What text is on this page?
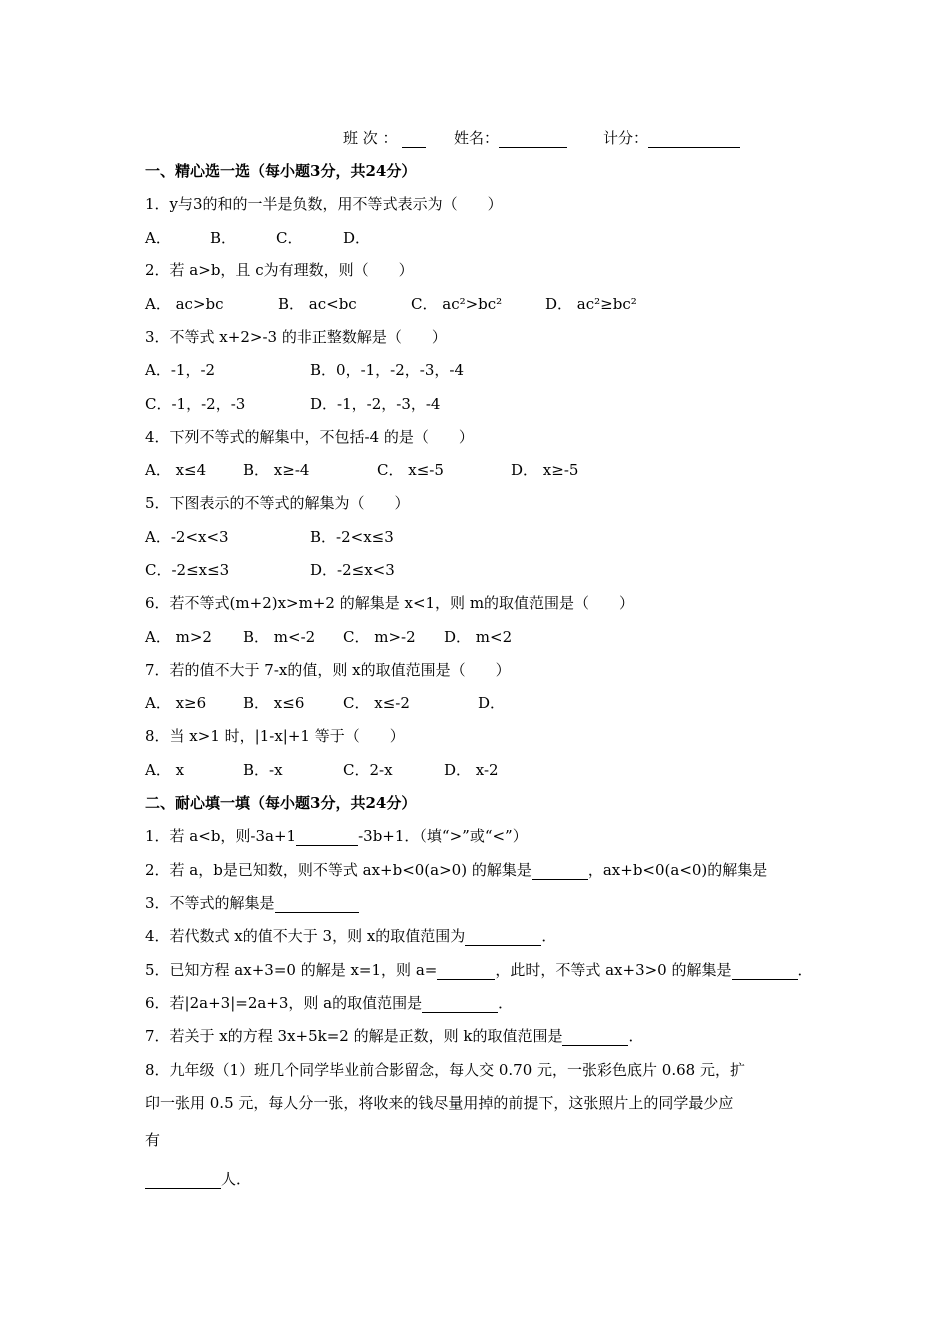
班 次 ：	姓名：	计分：
一、精心选一选（每小题3分，共24分）
1．y与3的和的一半是负数，用不等式表示为（　　）
A．	B．	C．	D．
2．若 a>b，且 c为有理数，则（　　）
A． ac>bc	B． ac<bc	C． ac²>bc²	D． ac²≥bc²
3．不等式 x+2>-3 的非正整数解是（　　）
A．-1，-2	B．0，-1，-2，-3，-4
C．-1，-2，-3	D．-1，-2，-3，-4
4．下列不等式的解集中，不包括-4 的是（　　）
A． x≤4 B． x≥-4	C． x≤-5	D． x≥-5
5．下图表示的不等式的解集为（　　）
A．-2<x<3	B．-2<x≤3
C．-2≤x≤3	D．-2≤x<3
6．若不等式(m+2)x>m+2 的解集是 x<1，则 m的取值范围是（　　）
A． m>2 B． m<-2 C． m>-2 D． m<2
7．若的值不大于 7-x的值，则 x的取值范围是（　　）
A． x≥6 B． x≤6	C． x≤-2	D．
8．当 x>1 时，|1-x|+1 等于（　　）
A． x	B．-x	C．2-x	D． x-2
二、耐心填一填（每小题3分，共24分）
1．若 a<b，则-3a+1	-3b+1．（填“>”或“<”）
2．若 a，b是已知数，则不等式 ax+b<0(a>0) 的解集是	，ax+b<0(a<0)的解集是
3．不等式的解集是
4．若代数式 x的值不大于 3，则 x的取值范围为	．
5．已知方程 ax+3=0 的解是 x=1，则 a=	，此时，不等式 ax+3>0 的解集是	．
6．若|2a+3|=2a+3，则 a的取值范围是	．
7．若关于 x的方程 3x+5k=2 的解是正数，则 k的取值范围是	．
8．九年级（1）班几个同学毕业前合影留念，每人交 0.70 元，一张彩色底片 0.68 元，扩
印一张用 0.5 元，每人分一张，将收来的钱尽量用掉的前提下，这张照片上的同学最少应
有
人．
